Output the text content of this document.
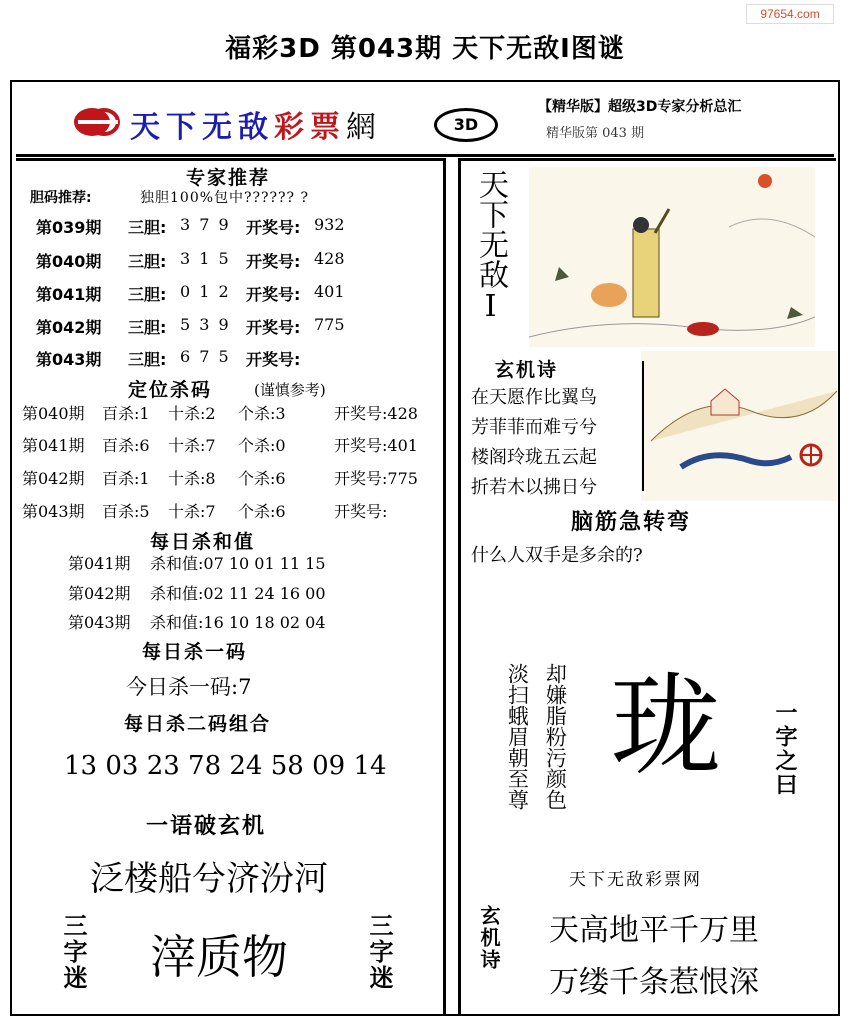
97654.com
福彩3D 第043期 天下无敌Ⅰ图谜
天下无敌彩票網	3D
【精华版】超级3D专家分析总汇
精华版第 043 期
专家推荐
胆码推荐:	独胆100%包中?????? ?
第039期 三胆: 3 7 9 开奖号: 932
第040期 三胆: 3 1 5 开奖号: 428
第041期 三胆: 0 1 2 开奖号: 401
第042期 三胆: 5 3 9 开奖号: 775
第043期 三胆: 6 7 5 开奖号:
定位杀码	(谨慎参考)
第040期 百杀:1 十杀:2 个杀:3	开奖号:428
第041期 百杀:6 十杀:7 个杀:0	开奖号:401
第042期 百杀:1 十杀:8 个杀:6	开奖号:775
第043期 百杀:5 十杀:7 个杀:6	开奖号:
每日杀和值
第041期 杀和值:07 10 01 11 15
第042期 杀和值:02 11 24 16 00
第043期 杀和值:16 10 18 02 04
每日杀一码
今日杀一码:7
每日杀二码组合
13 03 23 78 24 58 09 14
一语破玄机
泛楼船兮济汾河
三字迷 滓质物	三字迷
天下无敌Ⅰ
玄机诗
在天愿作比翼鸟
芳菲菲而难亏兮
楼阁玲珑五云起
折若木以拂日兮
脑筋急转弯
什么人双手是多余的?
淡扫蛾眉朝至尊 却嫌脂粉污颜色 珑 一字之曰
天下无敌彩票网
玄机诗 天高地平千万里
万缕千条惹恨深
